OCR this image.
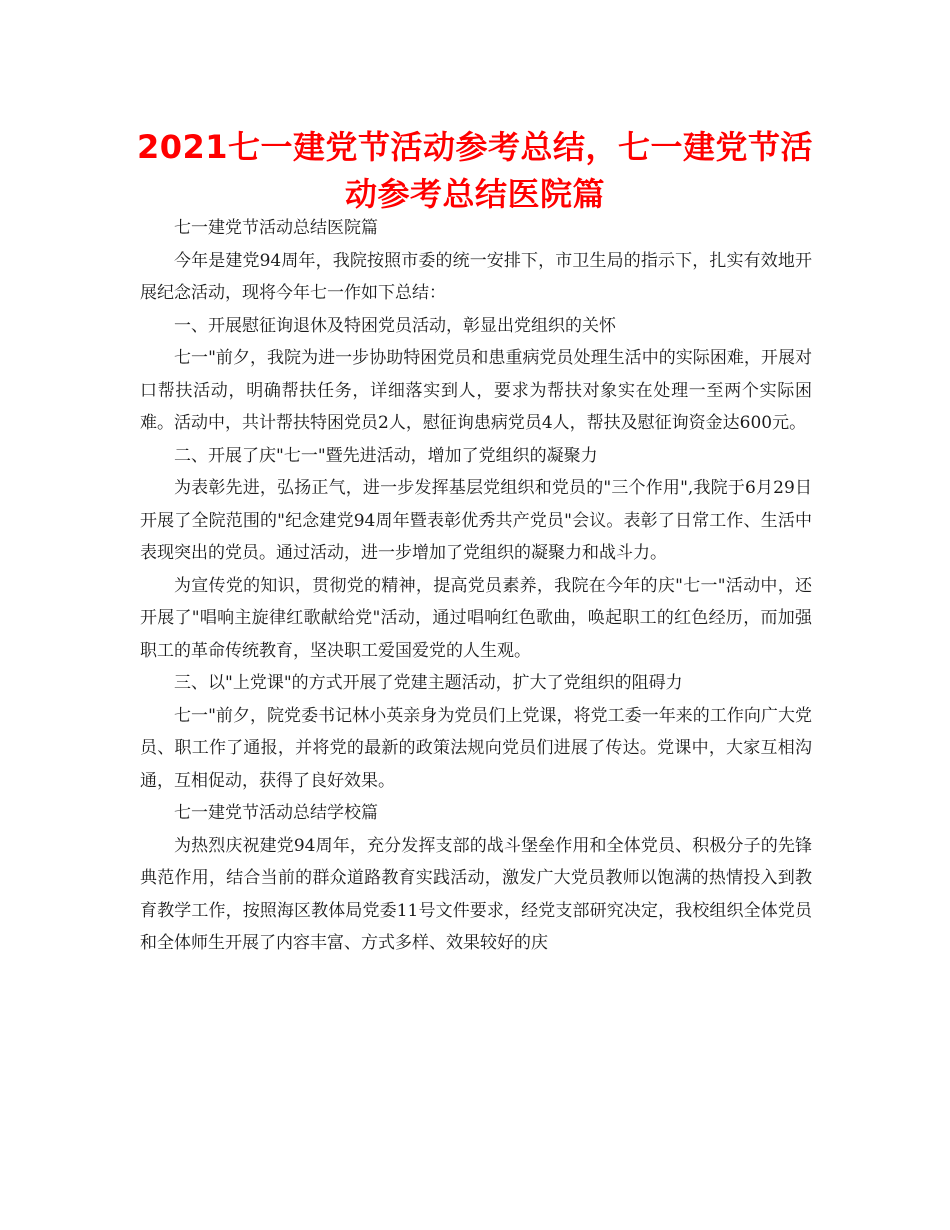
2021七一建党节活动参考总结，七一建党节活动参考总结医院篇

七一建党节活动总结医院篇

今年是建党94周年，我院按照市委的统一安排下，市卫生局的指示下，扎实有效地开展纪念活动，现将今年七一作如下总结：

一、开展慰征询退休及特困党员活动，彰显出党组织的关怀

七一"前夕，我院为进一步协助特困党员和患重病党员处理生活中的实际困难，开展对口帮扶活动，明确帮扶任务，详细落实到人，要求为帮扶对象实在处理一至两个实际困难。活动中，共计帮扶特困党员2人，慰征询患病党员4人，帮扶及慰征询资金达600元。

二、开展了庆"七一"暨先进活动，增加了党组织的凝聚力

为表彰先进，弘扬正气，进一步发挥基层党组织和党员的"三个作用",我院于6月29日开展了全院范围的"纪念建党94周年暨表彰优秀共产党员"会议。表彰了日常工作、生活中表现突出的党员。通过活动，进一步增加了党组织的凝聚力和战斗力。

为宣传党的知识，贯彻党的精神，提高党员素养，我院在今年的庆"七一"活动中，还开展了"唱响主旋律红歌献给党"活动，通过唱响红色歌曲，唤起职工的红色经历，而加强职工的革命传统教育，坚决职工爱国爱党的人生观。

三、以"上党课"的方式开展了党建主题活动，扩大了党组织的阻碍力

七一"前夕，院党委书记林小英亲身为党员们上党课，将党工委一年来的工作向广大党员、职工作了通报，并将党的最新的政策法规向党员们进展了传达。党课中，大家互相沟通，互相促动，获得了良好效果。

七一建党节活动总结学校篇

为热烈庆祝建党94周年，充分发挥支部的战斗堡垒作用和全体党员、积极分子的先锋典范作用，结合当前的群众道路教育实践活动，激发广大党员教师以饱满的热情投入到教育教学工作，按照海区教体局党委11号文件要求，经党支部研究决定，我校组织全体党员和全体师生开展了内容丰富、方式多样、效果较好的庆
